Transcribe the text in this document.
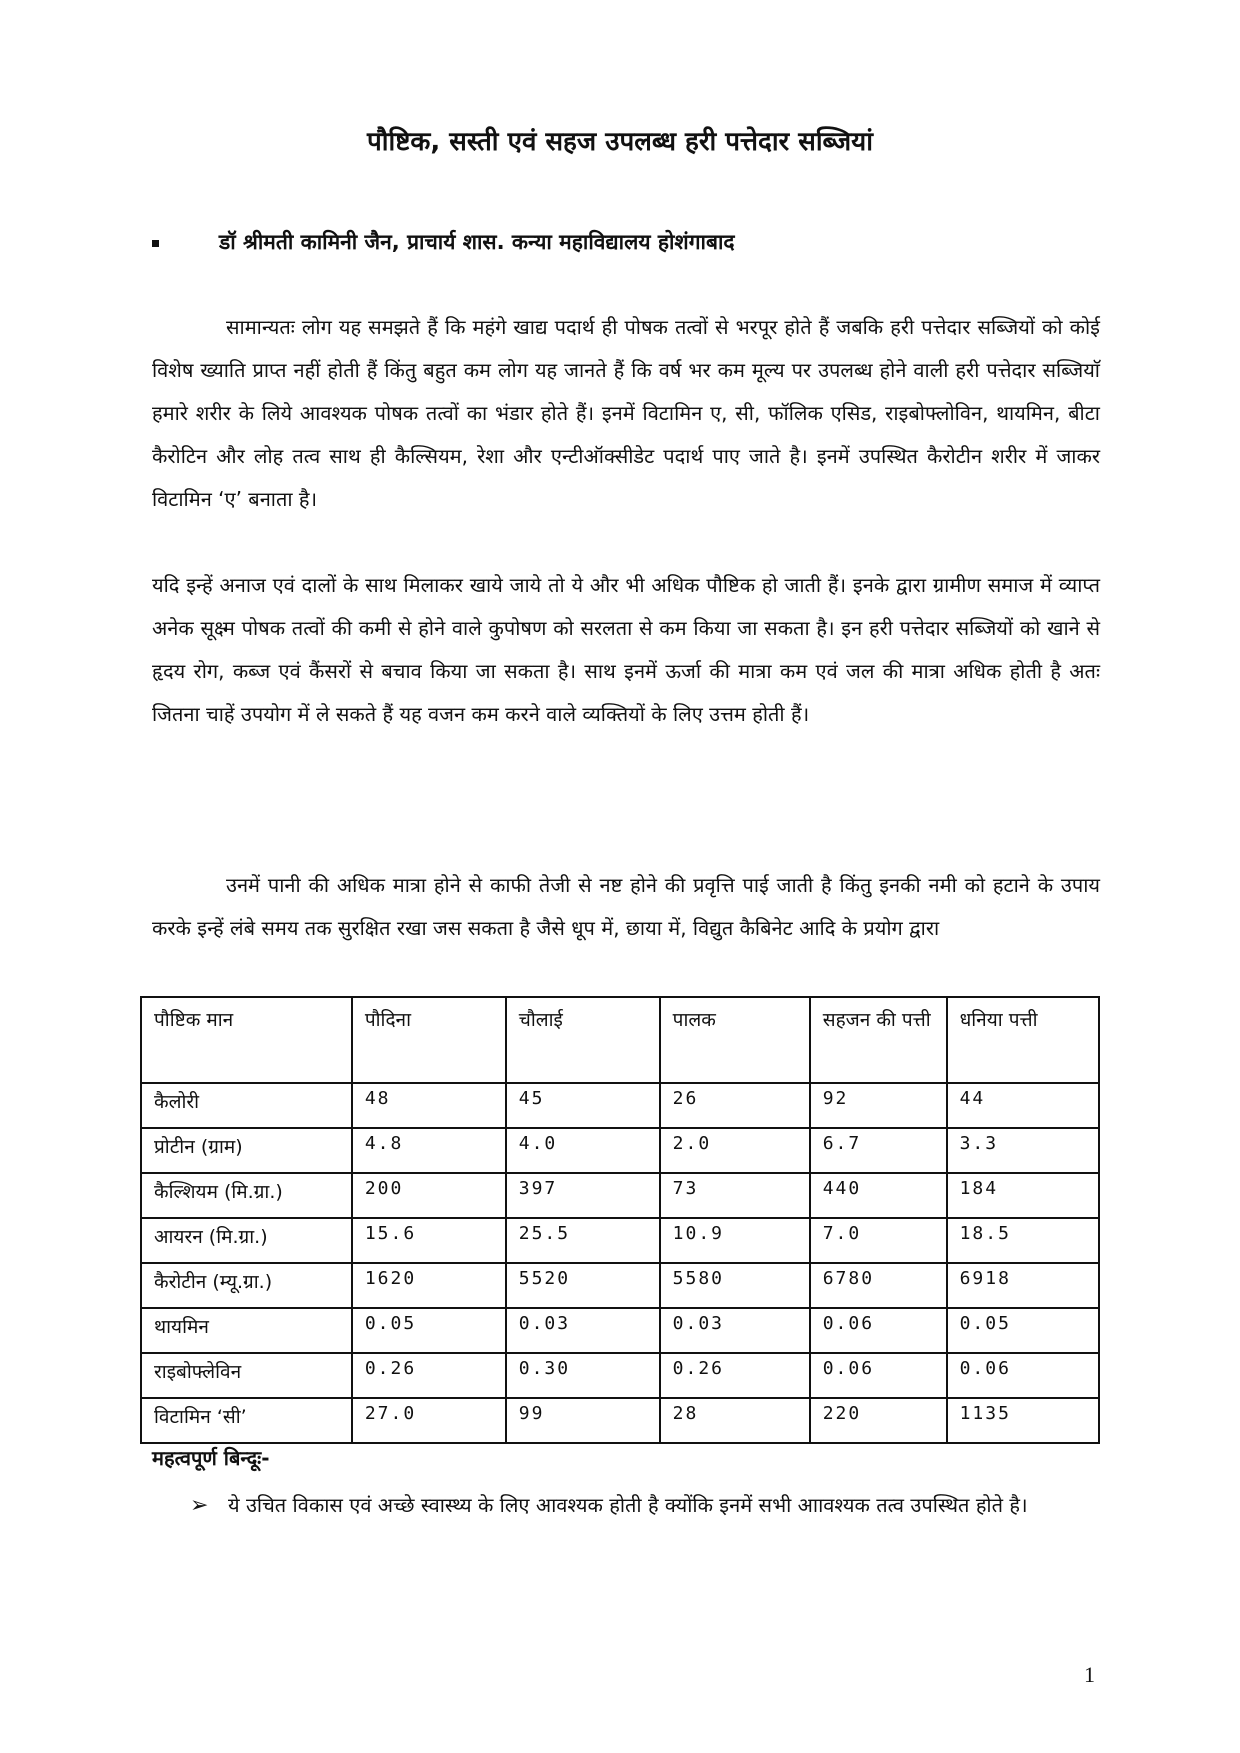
पौष्टिक, सस्ती एवं सहज उपलब्ध हरी पत्तेदार सब्जियां
डॉ श्रीमती कामिनी जैन, प्राचार्य शास. कन्या महाविद्यालय होशंगाबाद
सामान्यतः लोग यह समझते हैं कि महंगे खाद्य पदार्थ ही पोषक तत्वों से भरपूर होते हैं जबकि हरी पत्तेदार सब्जियों को कोई विशेष ख्याति प्राप्त नहीं होती हैं किंतु बहुत कम लोग यह जानते हैं कि वर्ष भर कम मूल्य पर उपलब्ध होने वाली हरी पत्तेदार सब्जियाॅ हमारे शरीर के लिये आवश्यक पोषक तत्वों का भंडार होते हैं। इनमें विटामिन ए, सी, फॉलिक एसिड, राइबोफ्लोविन, थायमिन, बीटा कैरोटिन और लोह तत्व साथ ही कैल्सियम, रेशा और एन्टीऑक्सीडेट पदार्थ पाए जाते है। इनमें उपस्थित कैरोटीन शरीर में जाकर विटामिन ‘ए’ बनाता है।
यदि इन्हें अनाज एवं दालों के साथ मिलाकर खाये जाये तो ये और भी अधिक पौष्टिक हो जाती हैं। इनके द्वारा ग्रामीण समाज में व्याप्त अनेक सूक्ष्म पोषक तत्वों की कमी से होने वाले कुपोषण को सरलता से कम किया जा सकता है। इन हरी पत्तेदार सब्जियों को खाने से हृदय रोग, कब्ज एवं कैंसरों से बचाव किया जा सकता है। साथ इनमें ऊर्जा की मात्रा कम एवं जल की मात्रा अधिक होती है अतः जितना चाहें उपयोग में ले सकते हैं यह वजन कम करने वाले व्यक्तियों के लिए उत्तम होती हैं।
उनमें पानी की अधिक मात्रा होने से काफी तेजी से नष्ट होने की प्रवृत्ति पाई जाती है किंतु इनकी नमी को हटाने के उपाय करके इन्हें लंबे समय तक सुरक्षित रखा जस सकता है जैसे धूप में, छाया में, विद्युत कैबिनेट आदि के प्रयोग द्वारा
पौष्टिक मान	पौदिना	चौलाई	पालक	सहजन की पत्ती	धनिया पत्ती
कैलोरी	48	45	26	92	44
प्रोटीन (ग्राम)	4.8	4.0	2.0	6.7	3.3
कैल्शियम (मि.ग्रा.)	200	397	73	440	184
आयरन (मि.ग्रा.)	15.6	25.5	10.9	7.0	18.5
कैरोटीन (म्यू.ग्रा.)	1620	5520	5580	6780	6918
थायमिन	0.05	0.03	0.03	0.06	0.05
राइबोफ्लेविन	0.26	0.30	0.26	0.06	0.06
विटामिन ‘सी’	27.0	99	28	220	1135
महत्वपूर्ण बिन्दूः-
➢ ये उचित विकास एवं अच्छे स्वास्थ्य के लिए आवश्यक होती है क्योंकि इनमें सभी आावश्यक तत्व उपस्थित होते है।
1
